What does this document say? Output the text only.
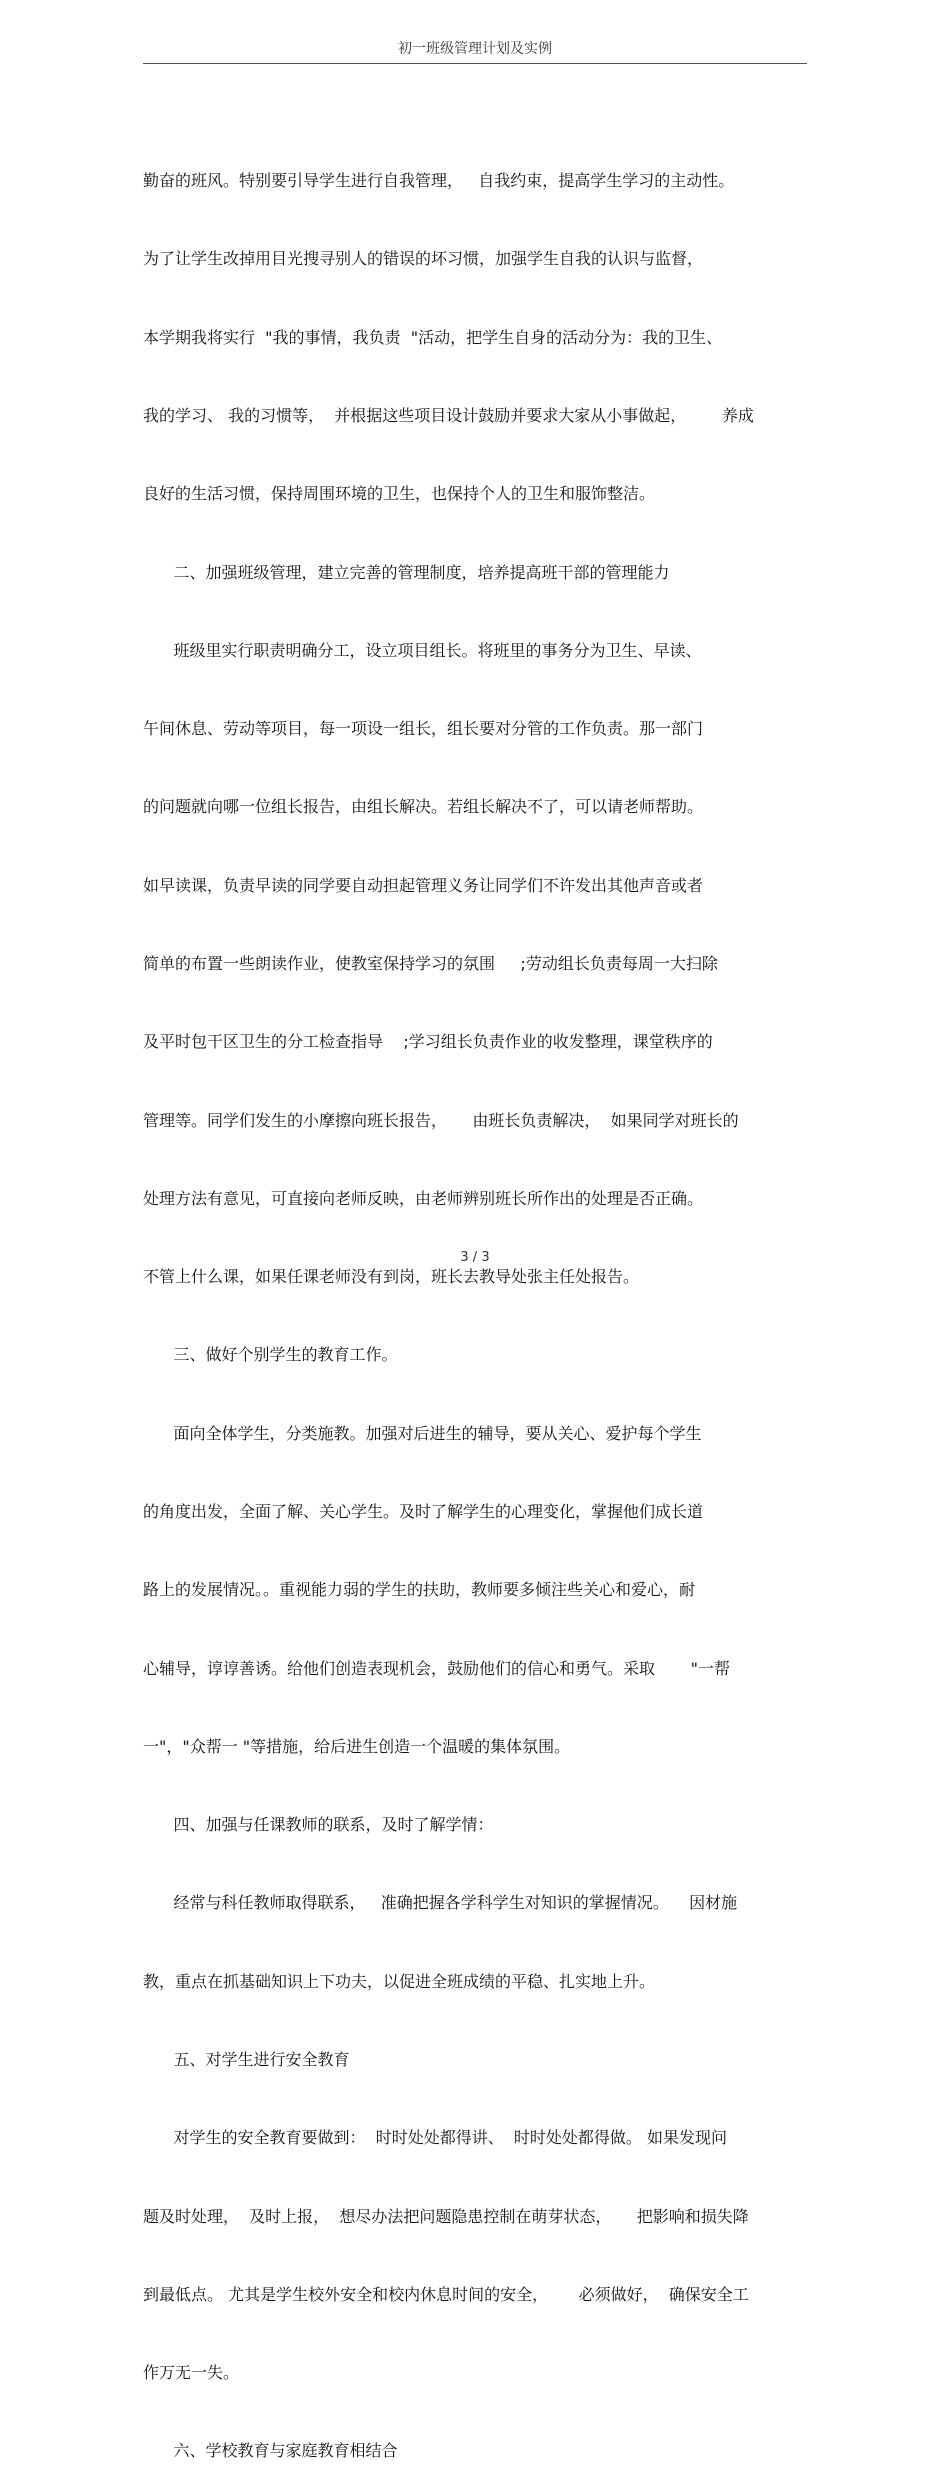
初一班级管理计划及实例

勤奋的班风。特别要引导学生进行自我管理，   自我约束，提高学生学习的主动性。

为了让学生改掉用目光搜寻别人的错误的坏习惯，加强学生自我的认识与监督，

本学期我将实行  "我的事情，我负责  "活动，把学生自身的活动分为：我的卫生、

我的学习、 我的习惯等，  并根据这些项目设计鼓励并要求大家从小事做起，       养成

良好的生活习惯，保持周围环境的卫生，也保持个人的卫生和服饰整洁。

二、加强班级管理，建立完善的管理制度，培养提高班干部的管理能力

班级里实行职责明确分工，设立项目组长。将班里的事务分为卫生、早读、

午间休息、劳动等项目，每一项设一组长，组长要对分管的工作负责。那一部门

的问题就向哪一位组长报告，由组长解决。若组长解决不了，可以请老师帮助。

如早读课，负责早读的同学要自动担起管理义务让同学们不许发出其他声音或者

简单的布置一些朗读作业，使教室保持学习的氛围     ;劳动组长负责每周一大扫除

及平时包干区卫生的分工检查指导    ;学习组长负责作业的收发整理，课堂秩序的

管理等。同学们发生的小摩擦向班长报告，     由班长负责解决，  如果同学对班长的

处理方法有意见，可直接向老师反映，由老师辨别班长所作出的处理是否正确。

不管上什么课，如果任课老师没有到岗，班长去教导处张主任处报告。

三、做好个别学生的教育工作。

面向全体学生，分类施教。加强对后进生的辅导，要从关心、爱护每个学生

的角度出发，全面了解、关心学生。及时了解学生的心理变化，掌握他们成长道

路上的发展情况。。重视能力弱的学生的扶助，教师要多倾注些关心和爱心，耐

心辅导，谆谆善诱。给他们创造表现机会，鼓励他们的信心和勇气。采取       "一帮

一"，"众帮一 "等措施，给后进生创造一个温暖的集体氛围。

四、加强与任课教师的联系，及时了解学情：

经常与科任教师取得联系，   准确把握各学科学生对知识的掌握情况。    因材施

教，重点在抓基础知识上下功夫，以促进全班成绩的平稳、扎实地上升。

五、对学生进行安全教育

对学生的安全教育要做到：  时时处处都得讲、  时时处处都得做。 如果发现问

题及时处理，  及时上报，  想尽办法把问题隐患控制在萌芽状态，     把影响和损失降

到最低点。 尤其是学生校外安全和校内休息时间的安全，      必须做好，  确保安全工

作万无一失。

六、学校教育与家庭教育相结合

3 / 3
